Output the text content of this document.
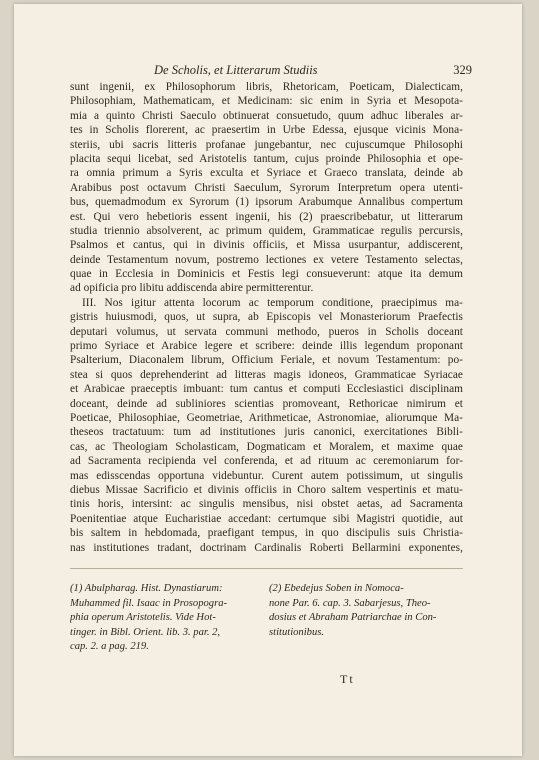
De Scholis, et Litterarum Studiis	329
sunt ingenii, ex Philosophorum libris, Rhetoricam, Poeticam, Dialecticam,
Philosophiam, Mathematicam, et Medicinam: sic enim in Syria et Mesopota-
mia a quinto Christi Saeculo obtinuerat consuetudo, quum adhuc liberales ar-
tes in Scholis florerent, ac praesertim in Urbe Edessa, ejusque vicinis Mona-
steriis, ubi sacris litteris profanae jungebantur, nec cujuscumque Philosophi
placita sequi licebat, sed Aristotelis tantum, cujus proinde Philosophia et ope-
ra omnia primum a Syris exculta et Syriace et Graeco translata, deinde ab
Arabibus post octavum Christi Saeculum, Syrorum Interpretum opera utenti-
bus, quemadmodum ex Syrorum (1) ipsorum Arabumque Annalibus compertum
est. Qui vero hebetioris essent ingenii, his (2) praescribebatur, ut litterarum
studia triennio absolverent, ac primum quidem, Grammaticae regulis percursis,
Psalmos et cantus, qui in divinis officiis, et Missa usurpantur, addiscerent,
deinde Testamentum novum, postremo lectiones ex vetere Testamento selectas,
quae in Ecclesia in Dominicis et Festis legi consueverunt: atque ita demum
ad opificia pro libitu addiscenda abire permitterentur.
III. Nos igitur attenta locorum ac temporum conditione, praecipimus ma-
gistris huiusmodi, quos, ut supra, ab Episcopis vel Monasteriorum Praefectis
deputari volumus, ut servata communi methodo, pueros in Scholis doceant
primo Syriace et Arabice legere et scribere: deinde illis legendum proponant
Psalterium, Diaconalem librum, Officium Feriale, et novum Testamentum: po-
stea si quos deprehenderint ad litteras magis idoneos, Grammaticae Syriacae
et Arabicae praeceptis imbuant: tum cantus et computi Ecclesiastici disciplinam
doceant, deinde ad subliniores scientias promoveant, Rethoricae nimirum et
Poeticae, Philosophiae, Geometriae, Arithmeticae, Astronomiae, aliorumque Ma-
theseos tractatuum: tum ad institutiones juris canonici, exercitationes Bibli-
cas, ac Theologiam Scholasticam, Dogmaticam et Moralem, et maxime quae
ad Sacramenta recipienda vel conferenda, et ad rituum ac ceremoniarum for-
mas edisscendas opportuna videbuntur. Curent autem potissimum, ut singulis
diebus Missae Sacrificio et divinis officiis in Choro saltem vespertinis et matu-
tinis horis, intersint: ac singulis mensibus, nisi obstet aetas, ad Sacramenta
Poenitentiae atque Eucharistiae accedant: certumque sibi Magistri quotidie, aut
bis saltem in hebdomada, praefigant tempus, in quo discipulis suis Christia-
nas institutiones tradant, doctrinam Cardinalis Roberti Bellarmini exponentes,
(1) Abulpharag. Hist. Dynastiarum:
Muhammed fil. Isaac in Prosopogra-
phia operum Aristotelis. Vide Hot-
tinger. in Bibl. Orient. lib. 3. par. 2,
cap. 2. a pag. 219.
(2) Ebedejus Soben in Nomoca-
none Par. 6. cap. 3. Sabarjesus, Theo-
dosius et Abraham Patriarchae in Con-
stitutionibus.
Tt
